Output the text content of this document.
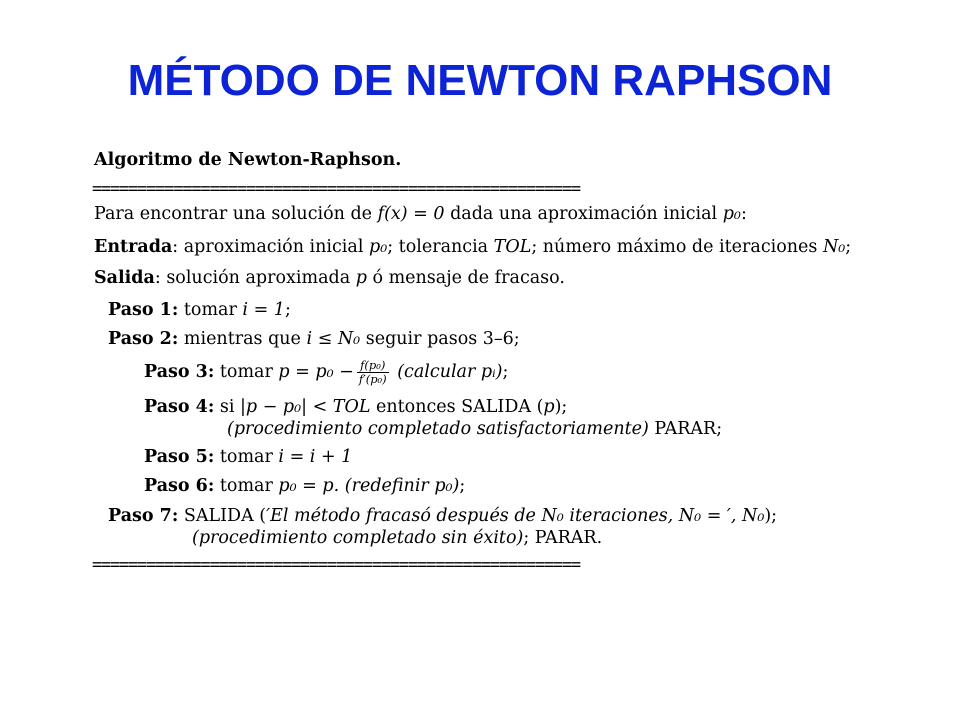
MÉTODO DE NEWTON RAPHSON
Algoritmo de Newton-Raphson.
======================================================
Para encontrar una solución de f(x) = 0 dada una aproximación inicial p₀:
Entrada: aproximación inicial p₀; tolerancia TOL; número máximo de iteraciones N₀;
Salida: solución aproximada p ó mensaje de fracaso.
Paso 1: tomar i = 1;
Paso 2: mientras que i ≤ N₀ seguir pasos 3–6;
Paso 3: tomar $p = p_0 - \frac{\text{f(p₀)}}{\text{f′(p₀)}}$ (calcular pᵢ);
Paso 4: si |p − p₀| < TOL entonces SALIDA (p);
(procedimiento completado satisfactoriamente) PARAR;
Paso 5: tomar i = i + 1
Paso 6: tomar p₀ = p. (redefinir p₀);
Paso 7: SALIDA (′El método fracasó después de N₀ iteraciones, N₀ = ′, N₀);
(procedimiento completado sin éxito); PARAR.
======================================================
